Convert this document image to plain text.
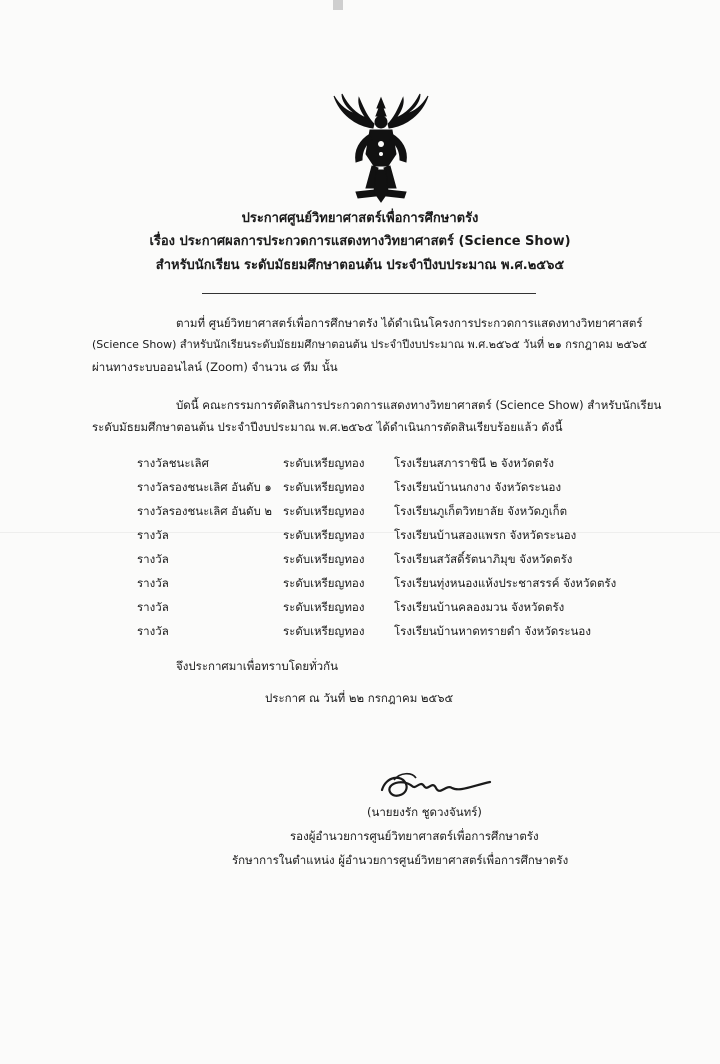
ประกาศศูนย์วิทยาศาสตร์เพื่อการศึกษาตรัง
เรื่อง ประกาศผลการประกวดการแสดงทางวิทยาศาสตร์ (Science Show)
สำหรับนักเรียน ระดับมัธยมศึกษาตอนต้น ประจำปีงบประมาณ พ.ศ.๒๕๖๕
ตามที่ ศูนย์วิทยาศาสตร์เพื่อการศึกษาตรัง ได้ดำเนินโครงการประกวดการแสดงทางวิทยาศาสตร์
(Science Show) สำหรับนักเรียนระดับมัธยมศึกษาตอนต้น ประจำปีงบประมาณ พ.ศ.๒๕๖๕ วันที่ ๒๑ กรกฎาคม ๒๕๖๕
ผ่านทางระบบออนไลน์ (Zoom) จำนวน ๘ ทีม นั้น
บัดนี้ คณะกรรมการตัดสินการประกวดการแสดงทางวิทยาศาสตร์ (Science Show) สำหรับนักเรียน
ระดับมัธยมศึกษาตอนต้น ประจำปีงบประมาณ พ.ศ.๒๕๖๕ ได้ดำเนินการตัดสินเรียบร้อยแล้ว ดังนี้
รางวัลชนะเลิศ	ระดับเหรียญทอง	โรงเรียนสภาราชินี ๒ จังหวัดตรัง
รางวัลรองชนะเลิศ อันดับ ๑ ระดับเหรียญทอง	โรงเรียนบ้านนกงาง จังหวัดระนอง
รางวัลรองชนะเลิศ อันดับ ๒ ระดับเหรียญทอง	โรงเรียนภูเก็ตวิทยาลัย จังหวัดภูเก็ต
รางวัล	ระดับเหรียญทอง	โรงเรียนบ้านสองแพรก จังหวัดระนอง
รางวัล	ระดับเหรียญทอง	โรงเรียนสวัสดิ์รัตนาภิมุข จังหวัดตรัง
รางวัล	ระดับเหรียญทอง	โรงเรียนทุ่งหนองแห้งประชาสรรค์ จังหวัดตรัง
รางวัล	ระดับเหรียญทอง	โรงเรียนบ้านคลองมวน จังหวัดตรัง
รางวัล	ระดับเหรียญทอง	โรงเรียนบ้านหาดทรายดำ จังหวัดระนอง
จึงประกาศมาเพื่อทราบโดยทั่วกัน
ประกาศ ณ วันที่ ๒๒ กรกฎาคม ๒๕๖๕
(นายยงรัก ชูดวงจันทร์)
รองผู้อำนวยการศูนย์วิทยาศาสตร์เพื่อการศึกษาตรัง
รักษาการในตำแหน่ง ผู้อำนวยการศูนย์วิทยาศาสตร์เพื่อการศึกษาตรัง
